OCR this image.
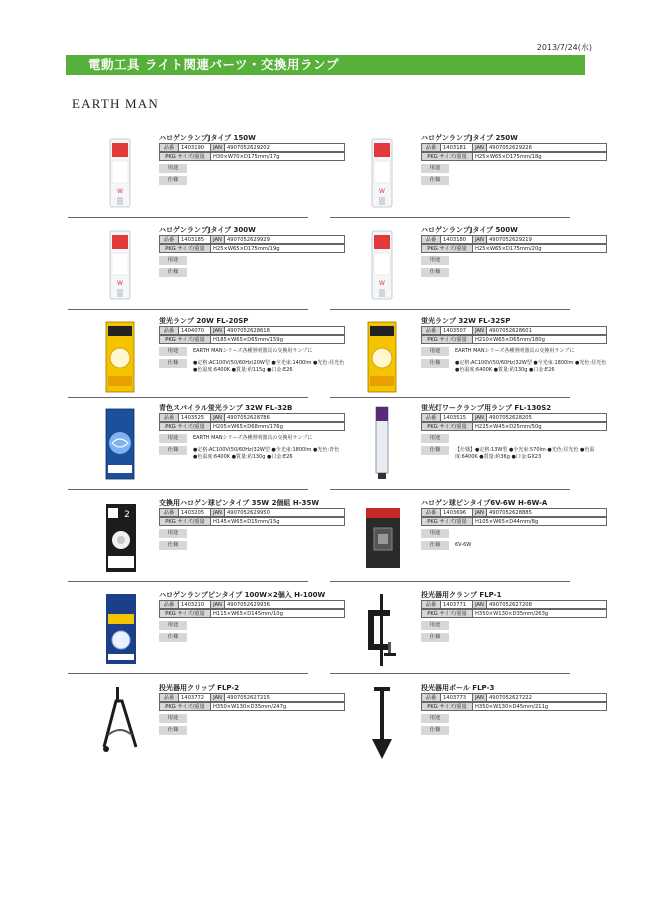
2013/7/24(水)
電動工具 ライト関連パーツ・交換用ランプ
EARTH MAN
ハロゲンランプJタイプ 150W
品番	1403190	JAN 4907052629202
PKG サイズ/重量	H30×W70×D175mm/17g
用途
仕様
ハロゲンランプJタイプ 250W
品番	1403181	JAN 4907052629226
PKG サイズ/重量	H25×W65×D175mm/18g
用途
仕様
ハロゲンランプJタイプ 300W
品番	1403185	JAN 4907052629929
PKG サイズ/重量	H25×W65×D175mm/19g
用途
仕様
ハロゲンランプJタイプ 500W
品番	1403180	JAN 4907052629219
PKG サイズ/重量	H25×W65×D175mm/20g
用途
仕様
蛍光ランプ 20W FL-20SP
品番	1404070	JAN 4907052628618
PKG サイズ/重量	H185×W65×D65mm/159g
用途	EARTH MANシリーズ各種照明器具の交換用ランプに
仕様	●定格:AC100V(50/60Hz)20W型 ●全光束:1400lm ●光色:昼光色 ●色温度:6400K ●質量:約115g ●口金:E26
蛍光ランプ 32W FL-32SP
品番	1403507	JAN 4907052628601
PKG サイズ/重量	H210×W65×D65mm/180g
用途	EARTH MANシリーズ各種照明器具の交換用ランプに
仕様	●定格:AC100V(50/60Hz)32W型 ●全光束:1800lm ●光色:昼光色 ●色温度:6400K ●質量:約130g ●口金:E26
青色スパイラル蛍光ランプ 32W FL-32B
品番	1403525	JAN 4907052628786
PKG サイズ/重量	H205×W65×D68mm/176g
用途	EARTH MANシリーズ各種照明器具の交換用ランプに
仕様	●定格:AC100V(50/60Hz)32W型 ●全光束:1800lm ●光色:青色 ●色温度:6400K ●質量:約130g ●口金:E26
蛍光灯ワークランプ用ランプ FL-130S2
品番	1403515	JAN 4907052628205
PKG サイズ/重量	H225×W45×D25mm/50g
用途
仕様	【仕様】●定格:13W型 ●全光束:570lm ●光色:昼光色 ●色温度:6400K ●質量:約36g ●口金:GX23
交換用ハロゲン球ピンタイプ 35W 2個組 H-35W
品番	1403205	JAN 4907052629950
PKG サイズ/重量	H145×W65×D15mm/15g
用途
仕様
ハロゲン球ピンタイプ6V-6W H-6W-A
品番	1403696	JAN 4907052628885
PKG サイズ/重量	H105×W65×D44mm/8g
用途
仕様	6V-6W
ハロゲンランプピンタイプ 100W×2個入 H-100W
品番	1403210	JAN 4907052629936
PKG サイズ/重量	H115×W65×D145mm/10g
用途
仕様
投光器用クランプ FLP-1
品番	1403771	JAN 4907052627208
PKG サイズ/重量	H350×W130×D35mm/263g
用途
仕様
投光器用クリップ FLP-2
品番	1403772	JAN 4907052627215
PKG サイズ/重量	H350×W130×D35mm/247g
用途
仕様
投光器用ポール FLP-3
品番	1403773	JAN 4907052627222
PKG サイズ/重量	H350×W130×D45mm/211g
用途
仕様
